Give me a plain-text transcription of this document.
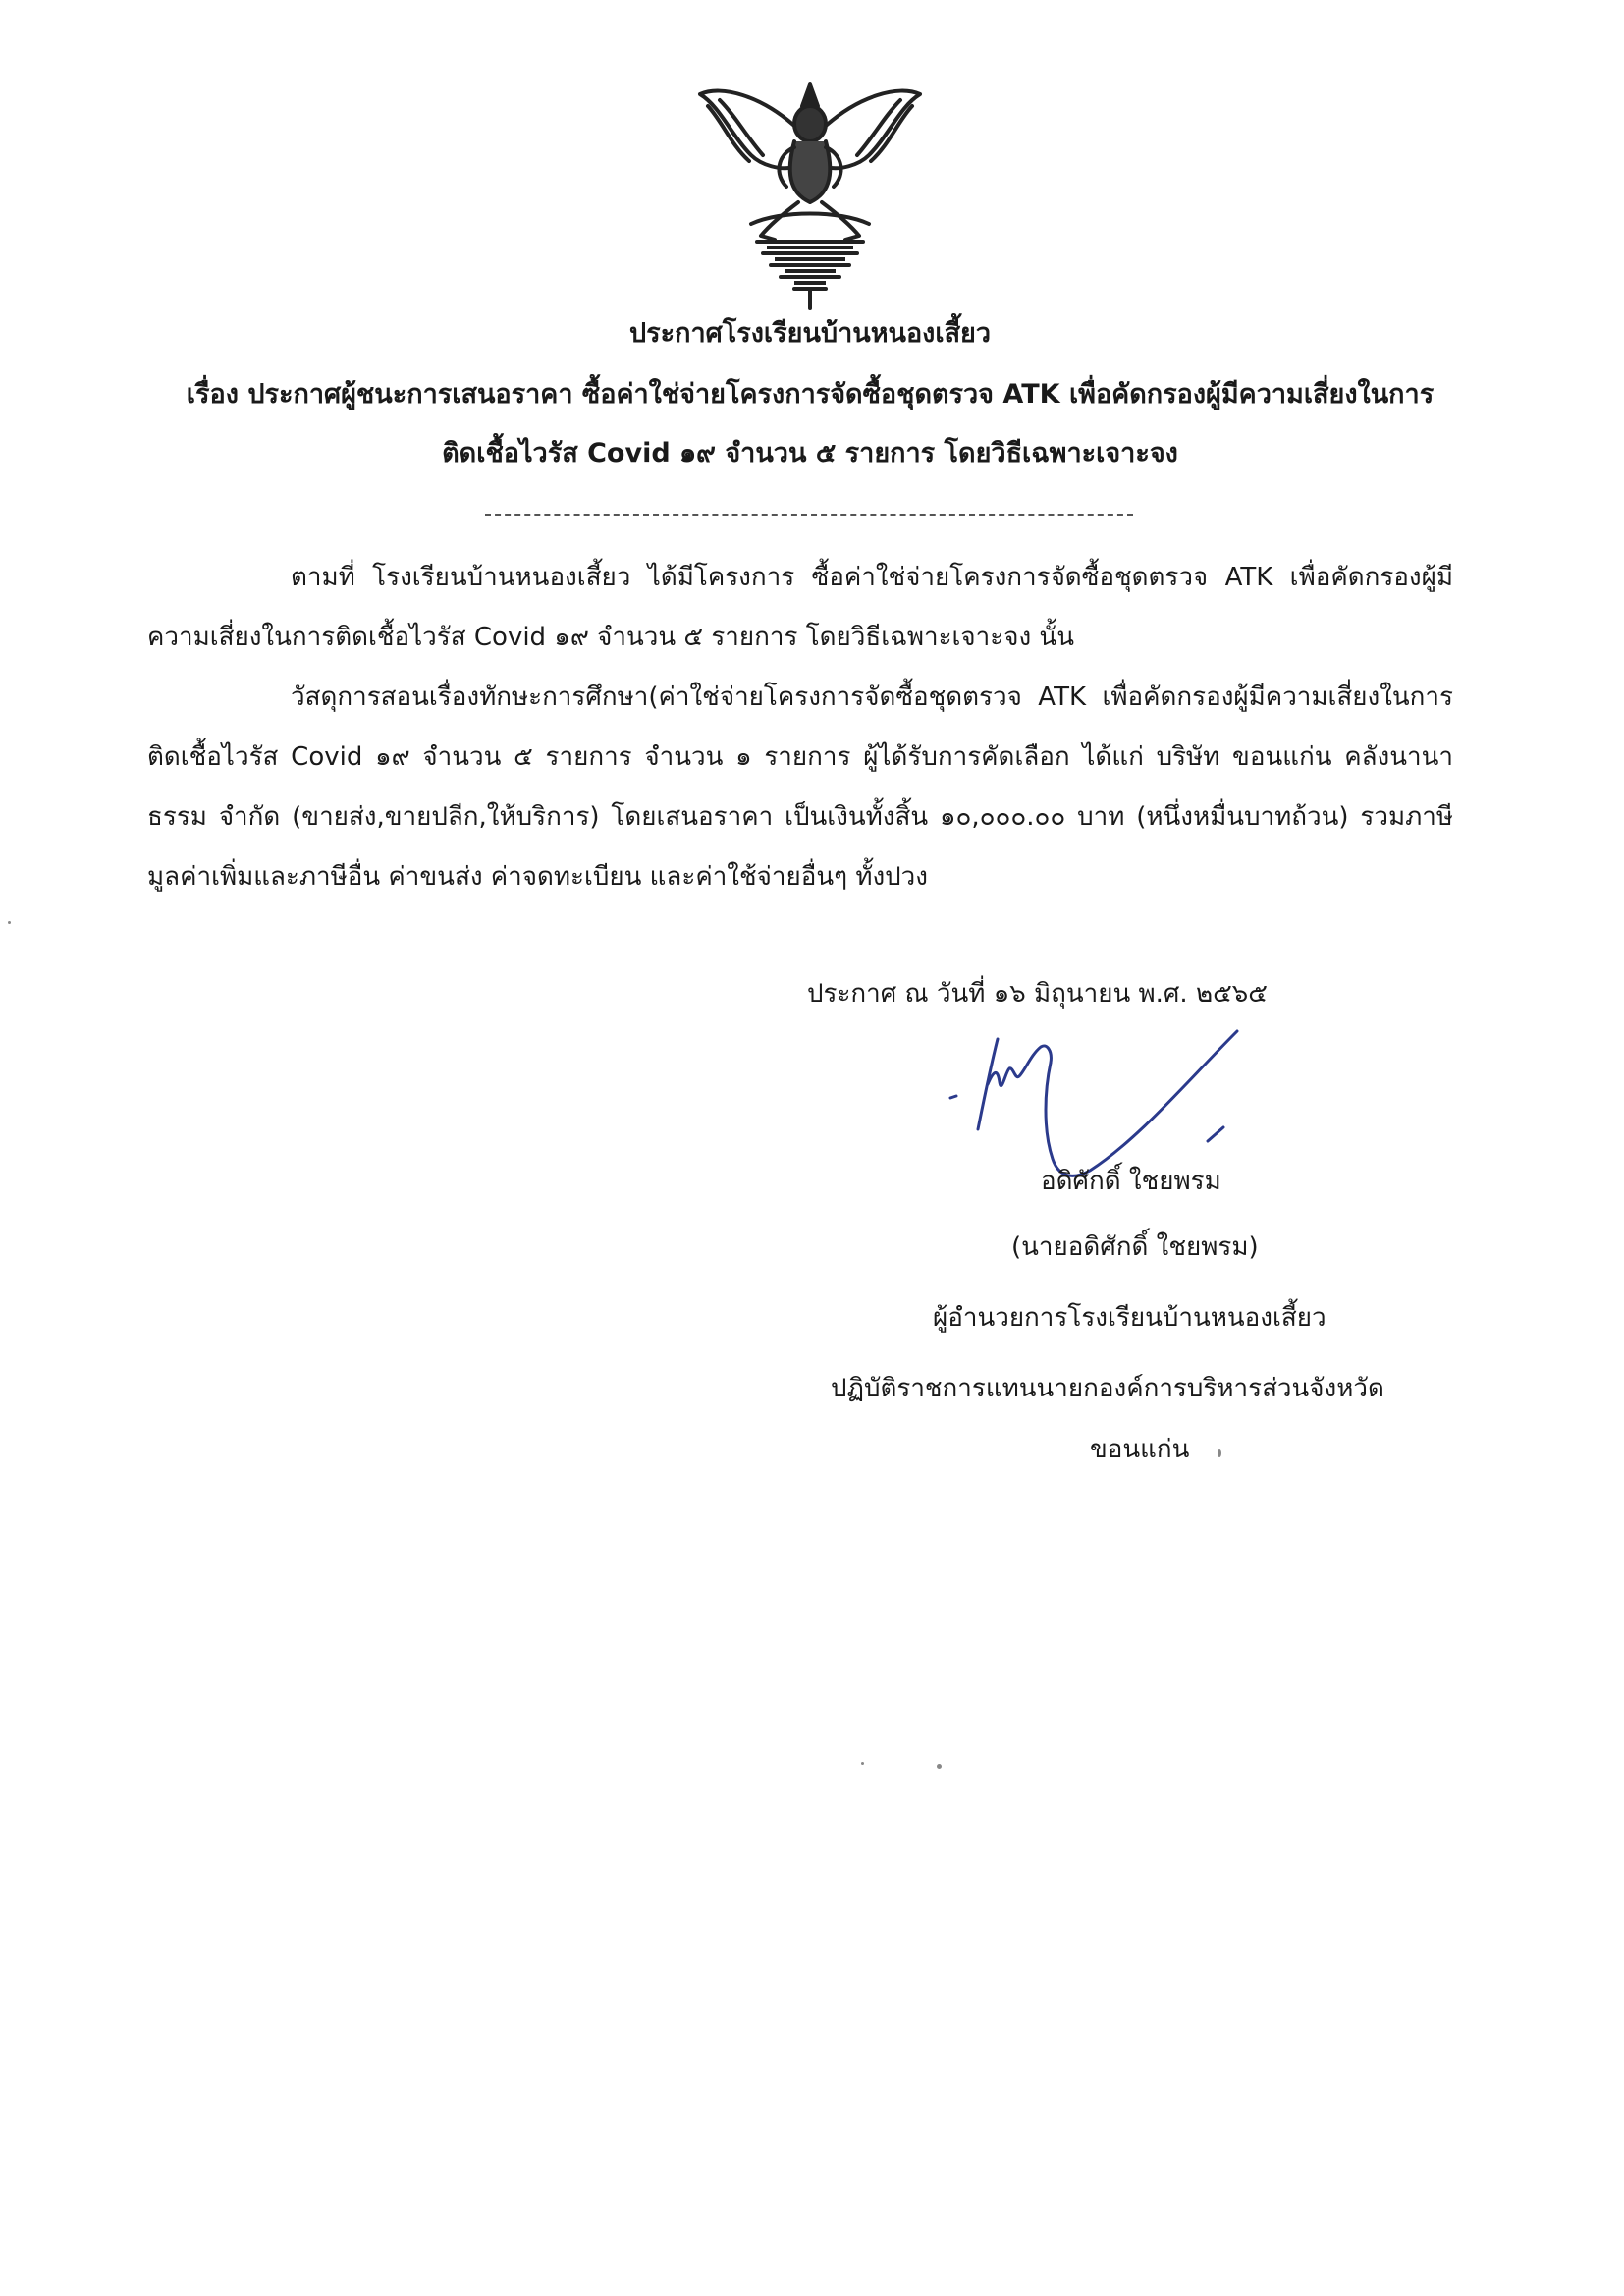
ประกาศโรงเรียนบ้านหนองเสี้ยว
เรื่อง ประกาศผู้ชนะการเสนอราคา ซื้อค่าใช่จ่ายโครงการจัดซื้อชุดตรวจ ATK เพื่อคัดกรองผู้มีความเสี่ยงในการ
ติดเชื้อไวรัส Covid ๑๙ จำนวน ๕ รายการ โดยวิธีเฉพาะเจาะจง
ตามที่ โรงเรียนบ้านหนองเสี้ยว ได้มีโครงการ ซื้อค่าใช่จ่ายโครงการจัดซื้อชุดตรวจ ATK เพื่อคัดกรองผู้มีความเสี่ยงในการติดเชื้อไวรัส Covid ๑๙ จำนวน ๕ รายการ โดยวิธีเฉพาะเจาะจง นั้น
วัสดุการสอนเรื่องทักษะการศึกษา(ค่าใช่จ่ายโครงการจัดซื้อชุดตรวจ ATK เพื่อคัดกรองผู้มีความเสี่ยงในการติดเชื้อไวรัส Covid ๑๙ จำนวน ๕ รายการ จำนวน ๑ รายการ ผู้ได้รับการคัดเลือก ได้แก่ บริษัท ขอนแก่น คลังนานาธรรม จำกัด (ขายส่ง,ขายปลีก,ให้บริการ) โดยเสนอราคา เป็นเงินทั้งสิ้น ๑๐,๐๐๐.๐๐ บาท (หนึ่งหมื่นบาทถ้วน) รวมภาษีมูลค่าเพิ่มและภาษีอื่น ค่าขนส่ง ค่าจดทะเบียน และค่าใช้จ่ายอื่นๆ ทั้งปวง
ประกาศ ณ วันที่ ๑๖ มิถุนายน พ.ศ. ๒๕๖๕
อดิศักดิ์ ใชยพรม
(นายอดิศักดิ์ ใชยพรม)
ผู้อำนวยการโรงเรียนบ้านหนองเสี้ยว
ปฏิบัติราชการแทนนายกองค์การบริหารส่วนจังหวัด
ขอนแก่น
